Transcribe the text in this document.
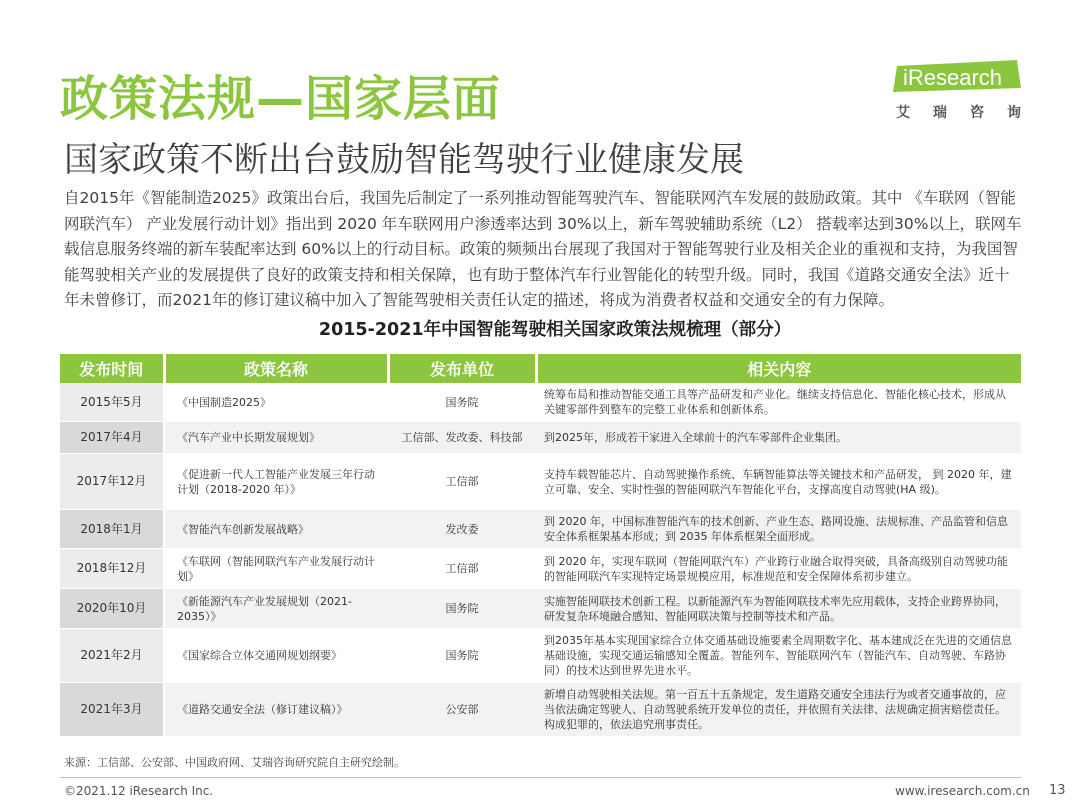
政策法规—国家层面
国家政策不断出台鼓励智能驾驶行业健康发展
iResearch
艾 瑞 咨 询

自2015年《智能制造2025》政策出台后，我国先后制定了一系列推动智能驾驶汽车、智能联网汽车发展的鼓励政策。其中 《车联网（智能网联汽车） 产业发展行动计划》指出到 2020 年车联网用户渗透率达到 30%以上，新车驾驶辅助系统（L2） 搭载率达到30%以上，联网车载信息服务终端的新车装配率达到 60%以上的行动目标。政策的频频出台展现了我国对于智能驾驶行业及相关企业的重视和支持，为我国智能驾驶相关产业的发展提供了良好的政策支持和相关保障，也有助于整体汽车行业智能化的转型升级。同时，我国《道路交通安全法》近十年未曾修订，而2021年的修订建议稿中加入了智能驾驶相关责任认定的描述，将成为消费者权益和交通安全的有力保障。

2015-2021年中国智能驾驶相关国家政策法规梳理（部分）
发布时间	政策名称	发布单位	相关内容
2015年5月	《中国制造2025》	国务院	统筹布局和推动智能交通工具等产品研发和产业化。继续支持信息化、智能化核心技术，形成从关键零部件到整车的完整工业体系和创新体系。
2017年4月	《汽车产业中长期发展规划》	工信部、发改委、科技部	到2025年，形成若干家进入全球前十的汽车零部件企业集团。
2017年12月	《促进新一代人工智能产业发展三年行动计划（2018-2020 年）》	工信部	支持车载智能芯片、自动驾驶操作系统、车辆智能算法等关键技术和产品研发， 到 2020 年，建立可靠、安全、实时性强的智能网联汽车智能化平台，支撑高度自动驾驶(HA 级)。
2018年1月	《智能汽车创新发展战略》	发改委	到 2020 年，中国标准智能汽车的技术创新、产业生态、路网设施、法规标准、产品监管和信息安全体系框架基本形成；到 2035 年体系框架全面形成。
2018年12月	《车联网（智能网联汽车产业发展行动计划》	工信部	到 2020 年，实现车联网（智能网联汽车）产业跨行业融合取得突破，具备高级别自动驾驶功能的智能网联汽车实现特定场景规模应用，标准规范和安全保障体系初步建立。
2020年10月	《新能源汽车产业发展规划（2021-2035）》	国务院	实施智能网联技术创新工程。以新能源汽车为智能网联技术率先应用载体，支持企业跨界协同，研发复杂环境融合感知、智能网联决策与控制等技术和产品。
2021年2月	《国家综合立体交通网规划纲要》	国务院	到2035年基本实现国家综合立体交通基础设施要素全周期数字化、基本建成泛在先进的交通信息基础设施，实现交通运输感知全覆盖。智能列车、智能联网汽车（智能汽车、自动驾驶、车路协同）的技术达到世界先进水平。
2021年3月	《道路交通安全法（修订建议稿）》	公安部	新增自动驾驶相关法规。第一百五十五条规定，发生道路交通安全违法行为或者交通事故的，应当依法确定驾驶人、自动驾驶系统开发单位的责任，并依照有关法律、法规确定损害赔偿责任。构成犯罪的，依法追究刑事责任。
来源：工信部、公安部、中国政府网、艾瑞咨询研究院自主研究绘制。
©2021.12 iResearch Inc.	www.iresearch.com.cn 13
